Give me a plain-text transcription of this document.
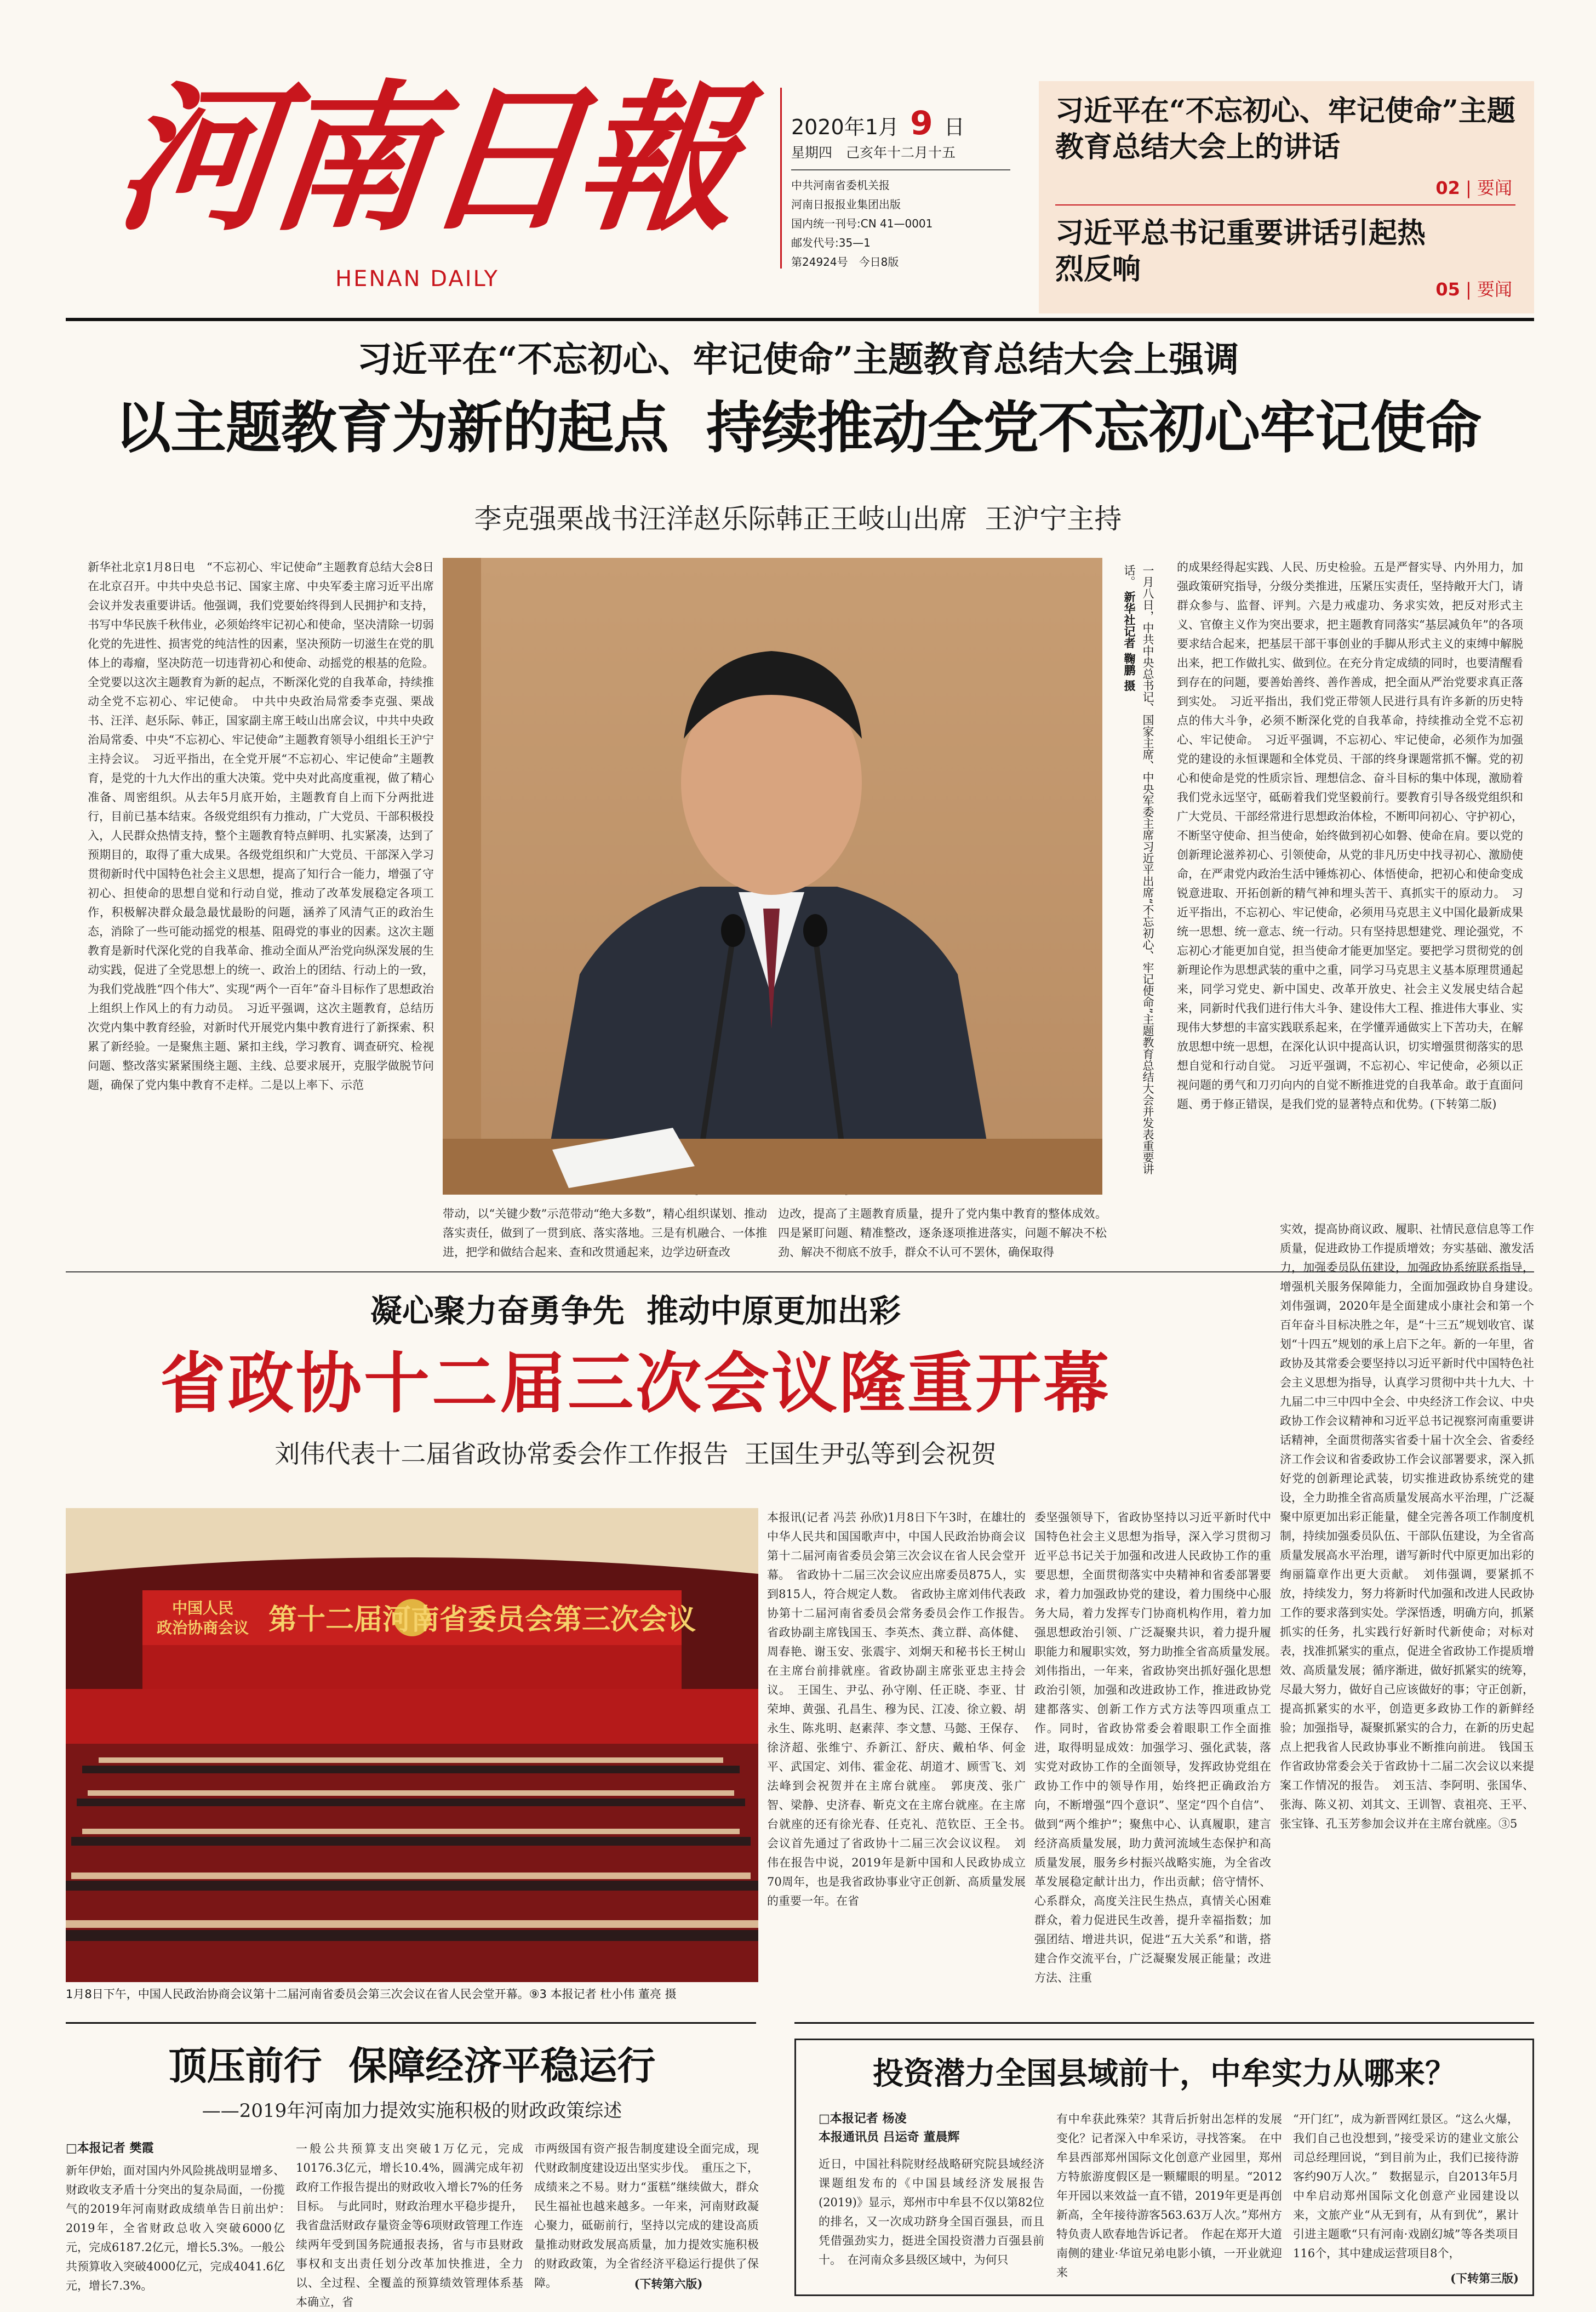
河南日報
HENAN DAILY
2020年1月 9 日
星期四　己亥年十二月十五
中共河南省委机关报
河南日报报业集团出版
国内统一刊号:CN 41—0001
邮发代号:35—1
第24924号　今日8版
习近平在“不忘初心、牢记使命”主题教育总结大会上的讲话
02 | 要闻
习近平总书记重要讲话引起热烈反响
05 | 要闻
习近平在“不忘初心、牢记使命”主题教育总结大会上强调
以主题教育为新的起点  持续推动全党不忘初心牢记使命
李克强栗战书汪洋赵乐际韩正王岐山出席  王沪宁主持
新华社北京1月8日电　“不忘初心、牢记使命”主题教育总结大会8日在北京召开。中共中央总书记、国家主席、中央军委主席习近平出席会议并发表重要讲话。他强调，我们党要始终得到人民拥护和支持，书写中华民族千秋伟业，必须始终牢记初心和使命，坚决清除一切弱化党的先进性、损害党的纯洁性的因素，坚决预防一切滋生在党的肌体上的毒瘤，坚决防范一切违背初心和使命、动摇党的根基的危险。全党要以这次主题教育为新的起点，不断深化党的自我革命，持续推动全党不忘初心、牢记使命。　中共中央政治局常委李克强、栗战书、汪洋、赵乐际、韩正，国家副主席王岐山出席会议，中共中央政治局常委、中央“不忘初心、牢记使命”主题教育领导小组组长王沪宁主持会议。　习近平指出，在全党开展“不忘初心、牢记使命”主题教育，是党的十九大作出的重大决策。党中央对此高度重视，做了精心准备、周密组织。从去年5月底开始，主题教育自上而下分两批进行，目前已基本结束。各级党组织有力推动，广大党员、干部积极投入，人民群众热情支持，整个主题教育特点鲜明、扎实紧凑，达到了预期目的，取得了重大成果。各级党组织和广大党员、干部深入学习贯彻新时代中国特色社会主义思想，提高了知行合一能力，增强了守初心、担使命的思想自觉和行动自觉，推动了改革发展稳定各项工作，积极解决群众最急最忧最盼的问题，涵养了风清气正的政治生态，消除了一些可能动摇党的根基、阻碍党的事业的因素。这次主题教育是新时代深化党的自我革命、推动全面从严治党向纵深发展的生动实践，促进了全党思想上的统一、政治上的团结、行动上的一致，为我们党战胜“四个伟大”、实现“两个一百年”奋斗目标作了思想政治上组织上作风上的有力动员。　习近平强调，这次主题教育，总结历次党内集中教育经验，对新时代开展党内集中教育进行了新探索、积累了新经验。一是聚焦主题、紧扣主线，学习教育、调查研究、检视问题、整改落实紧紧围绕主题、主线、总要求展开，克服学做脱节问题，确保了党内集中教育不走样。二是以上率下、示范	一月八日，中共中央总书记、国家主席、中央军委主席习近平出席“不忘初心、牢记使命”主题教育总结大会并发表重要讲话。 新华社记者 鞠鹏 摄
带动，以“关键少数”示范带动“绝大多数”，精心组织谋划、推动落实责任，做到了一贯到底、落实落地。三是有机融合、一体推进，把学和做结合起来、查和改贯通起来，边学边研查改
边改，提高了主题教育质量，提升了党内集中教育的整体成效。四是紧盯问题、精准整改，逐条逐项推进落实，问题不解决不松劲、解决不彻底不放手，群众不认可不罢休，确保取得
的成果经得起实践、人民、历史检验。五是严督实导、内外用力，加强政策研究指导，分级分类推进，压紧压实责任，坚持敞开大门，请群众参与、监督、评判。六是力戒虚功、务求实效，把反对形式主义、官僚主义作为突出要求，把主题教育同落实“基层减负年”的各项要求结合起来，把基层干部干事创业的手脚从形式主义的束缚中解脱出来，把工作做扎实、做到位。在充分肯定成绩的同时，也要清醒看到存在的问题，要善始善终、善作善成，把全面从严治党要求真正落到实处。　习近平指出，我们党正带领人民进行具有许多新的历史特点的伟大斗争，必须不断深化党的自我革命，持续推动全党不忘初心、牢记使命。　习近平强调，不忘初心、牢记使命，必须作为加强党的建设的永恒课题和全体党员、干部的终身课题常抓不懈。党的初心和使命是党的性质宗旨、理想信念、奋斗目标的集中体现，激励着我们党永远坚守，砥砺着我们党坚毅前行。要教育引导各级党组织和广大党员、干部经常进行思想政治体检，不断叩问初心、守护初心，不断坚守使命、担当使命，始终做到初心如磐、使命在肩。要以党的创新理论滋养初心、引领使命，从党的非凡历史中找寻初心、激励使命，在严肃党内政治生活中锤炼初心、体悟使命，把初心和使命变成锐意进取、开拓创新的精气神和埋头苦干、真抓实干的原动力。　习近平指出，不忘初心、牢记使命，必须用马克思主义中国化最新成果统一思想、统一意志、统一行动。只有坚持思想建党、理论强党，不忘初心才能更加自觉，担当使命才能更加坚定。要把学习贯彻党的创新理论作为思想武装的重中之重，同学习马克思主义基本原理贯通起来，同学习党史、新中国史、改革开放史、社会主义发展史结合起来，同新时代我们进行伟大斗争、建设伟大工程、推进伟大事业、实现伟大梦想的丰富实践联系起来，在学懂弄通做实上下苦功夫，在解放思想中统一思想，在深化认识中提高认识，切实增强贯彻落实的思想自觉和行动自觉。　习近平强调，不忘初心、牢记使命，必须以正视问题的勇气和刀刃向内的自觉不断推进党的自我革命。敢于直面问题、勇于修正错误，是我们党的显著特点和优势。(下转第二版)
凝心聚力奋勇争先  推动中原更加出彩
省政协十二届三次会议隆重开幕
刘伟代表十二届省政协常委会作工作报告  王国生尹弘等到会祝贺
中国人民
政治协商会议 第十二届河南省委员会第三次会议
1月8日下午，中国人民政治协商会议第十二届河南省委员会第三次会议在省人民会堂开幕。⑨3 本报记者 杜小伟 董亮 摄
本报讯(记者 冯芸 孙欣)1月8日下午3时，在雄壮的中华人民共和国国歌声中，中国人民政治协商会议第十二届河南省委员会第三次会议在省人民会堂开幕。　省政协十二届三次会议应出席委员875人，实到815人，符合规定人数。　省政协主席刘伟代表政协第十二届河南省委员会常务委员会作工作报告。　省政协副主席钱国玉、李英杰、龚立群、高体健、周春艳、谢玉安、张震宇、刘炯天和秘书长王树山在主席台前排就座。省政协副主席张亚忠主持会议。　王国生、尹弘、孙守刚、任正晓、李亚、甘荣坤、黄强、孔昌生、穆为民、江凌、徐立毅、胡永生、陈兆明、赵素萍、李文慧、马懿、王保存、徐济超、张维宁、乔新江、舒庆、戴柏华、何金平、武国定、刘伟、霍金花、胡道才、顾雪飞、刘法峰到会祝贺并在主席台就座。　郭庚茂、张广智、梁静、史济春、靳克文在主席台就座。在主席台就座的还有徐光春、任克礼、范钦臣、王全书。　会议首先通过了省政协十二届三次会议议程。　刘伟在报告中说，2019年是新中国和人民政协成立70周年，也是我省政协事业守正创新、高质量发展的重要一年。在省
委坚强领导下，省政协坚持以习近平新时代中国特色社会主义思想为指导，深入学习贯彻习近平总书记关于加强和改进人民政协工作的重要思想，全面贯彻落实中央精神和省委部署要求，着力加强政协党的建设，着力围绕中心服务大局，着力发挥专门协商机构作用，着力加强思想政治引领、广泛凝聚共识，着力提升履职能力和履职实效，努力助推全省高质量发展。　刘伟指出，一年来，省政协突出抓好强化思想政治引领，加强和改进政协工作，推进政协党建都落实、创新工作方式方法等四项重点工作。同时，省政协常委会着眼职工作全面推进，取得明显成效：加强学习、强化武装，落实党对政协工作的全面领导，发挥政协党组在政协工作中的领导作用，始终把正确政治方向，不断增强“四个意识”、坚定“四个自信”、做到“两个维护”；聚焦中心、认真履职，建言经济高质量发展，助力黄河流域生态保护和高质量发展，服务乡村振兴战略实施，为全省改革发展稳定献计出力，作出贡献；倍守情怀、心系群众，高度关注民生热点，真情关心困难群众，着力促进民生改善，提升幸福指数；加强团结、增进共识，促进“五大关系”和谐，搭建合作交流平台，广泛凝聚发展正能量；改进方法、注重
实效，提高协商议政、履职、社情民意信息等工作质量，促进政协工作提质增效；夯实基础、激发活力，加强委员队伍建设，加强政协系统联系指导，增强机关服务保障能力，全面加强政协自身建设。　刘伟强调，2020年是全面建成小康社会和第一个百年奋斗目标决胜之年，是“十三五”规划收官、谋划“十四五”规划的承上启下之年。新的一年里，省政协及其常委会要坚持以习近平新时代中国特色社会主义思想为指导，认真学习贯彻中共十九大、十九届二中三中四中全会、中央经济工作会议、中央政协工作会议精神和习近平总书记视察河南重要讲话精神，全面贯彻落实省委十届十次全会、省委经济工作会议和省委政协工作会议部署要求，深入抓好党的创新理论武装，切实推进政协系统党的建设，全力助推全省高质量发展高水平治理，广泛凝聚中原更加出彩正能量，健全完善各项工作制度机制，持续加强委员队伍、干部队伍建设，为全省高质量发展高水平治理，谱写新时代中原更加出彩的绚丽篇章作出更大贡献。　刘伟强调，要紧抓不放，持续发力，努力将新时代加强和改进人民政协工作的要求落到实处。学深悟透，明确方向，抓紧抓实的任务，扎实践行好新时代新使命；对标对表，找准抓紧实的重点，促进全省政协工作提质增效、高质量发展；循序渐进，做好抓紧实的统筹，尽最大努力，做好自己应该做好的事；守正创新，提高抓紧实的水平，创造更多政协工作的新鲜经验；加强指导，凝聚抓紧实的合力，在新的历史起点上把我省人民政协事业不断推向前进。　钱国玉作省政协常委会关于省政协十二届二次会议以来提案工作情况的报告。　刘玉洁、李阿明、张国华、张海、陈义初、刘其文、王训智、袁祖亮、王平、张宝锋、孔玉芳参加会议并在主席台就座。③5
顶压前行  保障经济平稳运行
——2019年河南加力提效实施积极的财政政策综述
□本报记者 樊霞
新年伊始，面对国内外风险挑战明显增多、财政收支矛盾十分突出的复杂局面，一份揽气的2019年河南财政成绩单告日前出炉：　2019年，全省财政总收入突破6000亿元，完成6187.2亿元，增长5.3%。一般公共预算收入突破4000亿元，完成4041.6亿元，增长7.3%。
一般公共预算支出突破1万亿元，完成10176.3亿元，增长10.4%，圆满完成年初政府工作报告提出的财政收入增长7%的任务目标。　与此同时，财政治理水平稳步提升，我省盘活财政存量资金等6项财政管理工作连续两年受到国务院通报表扬，省与市县财政事权和支出责任划分改革加快推进，全力以、全过程、全覆盖的预算绩效管理体系基本确立，省
市两级国有资产报告制度建设全面完成，现代财政制度建设迈出坚实步伐。　重压之下，成绩来之不易。财力“蛋糕”继续做大，群众民生福祉也越来越多。一年来，河南财政凝心聚力，砥砺前行，坚持以完成的建设高质量推动财政发展高质量，加力提效实施积极的财政政策，为全省经济平稳运行提供了保障。	(下转第六版)
投资潜力全国县域前十，中牟实力从哪来？
□本报记者 杨凌
本报通讯员 吕运奇 董晨辉
近日，中国社科院财经战略研究院县域经济课题组发布的《中国县域经济发展报告(2019)》显示，郑州市中牟县不仅以第82位的排名，又一次成功跻身全国百强县，而且凭借强劲实力，挺进全国投资潜力百强县前十。　在河南众多县级区域中，为何只
有中牟获此殊荣？其背后折射出怎样的发展变化？记者深入中牟采访，寻找答案。　在中牟县西部郑州国际文化创意产业园里，郑州方特旅游度假区是一颗耀眼的明星。“2012年开园以来效益一直不错，2019年更是再创新高，全年接待游客563.63万人次。”郑州方特负责人欧春地告诉记者。　作起在郑开大道南侧的建业·华谊兄弟电影小镇，一开业就迎来
“开门红”，成为新晋网红景区。“这么火爆，我们自己也没想到，”接受采访的建业文旅公司总经理回说，“到目前为止，我们已接待游客约90万人次。”　数据显示，自2013年5月中牟启动郑州国际文化创意产业园建设以来，文旅产业“从无到有，从有到优”，累计引进主题歌“只有河南·戏剧幻城”等各类项目116个，其中建成运营项目8个，
(下转第三版)
